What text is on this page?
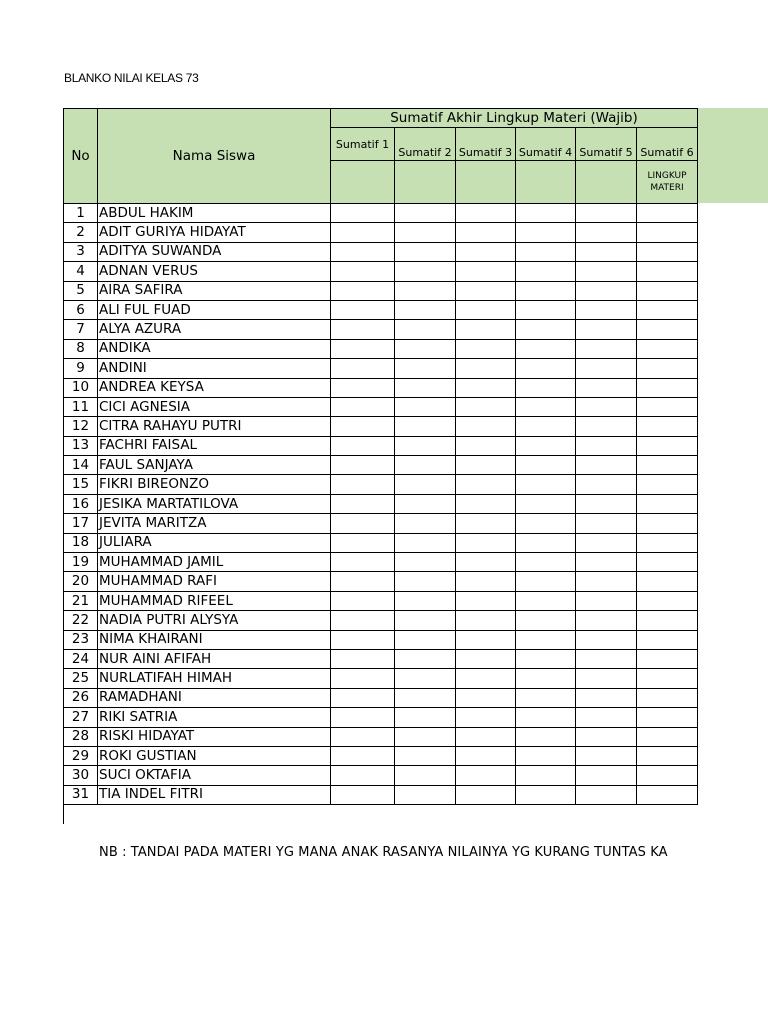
BLANKO NILAI KELAS 73
No	Nama Siswa	Sumatif Akhir Lingkup Materi (Wajib)					
		Sumatif 1	Sumatif 2	Sumatif 3	Sumatif 4	Sumatif 5	Sumatif 6
							LINGKUP MATERI
1	ABDUL HAKIM						
2	ADIT GURIYA HIDAYAT						
3	ADITYA SUWANDA						
4	ADNAN VERUS						
5	AIRA SAFIRA						
6	ALI FUL FUAD						
7	ALYA AZURA						
8	ANDIKA						
9	ANDINI						
10	ANDREA KEYSA						
11	CICI AGNESIA						
12	CITRA RAHAYU PUTRI						
13	FACHRI FAISAL						
14	FAUL SANJAYA						
15	FIKRI BIREONZO						
16	JESIKA MARTATILOVA						
17	JEVITA MARITZA						
18	JULIARA						
19	MUHAMMAD JAMIL						
20	MUHAMMAD RAFI						
21	MUHAMMAD RIFEEL						
22	NADIA PUTRI ALYSYA						
23	NIMA KHAIRANI						
24	NUR AINI AFIFAH						
25	NURLATIFAH HIMAH						
26	RAMADHANI						
27	RIKI SATRIA						
28	RISKI HIDAYAT						
29	ROKI GUSTIAN						
30	SUCI OKTAFIA						
31	TIA INDEL FITRI						
NB : TANDAI PADA MATERI YG MANA ANAK RASANYA NILAINYA YG KURANG TUNTAS KA
